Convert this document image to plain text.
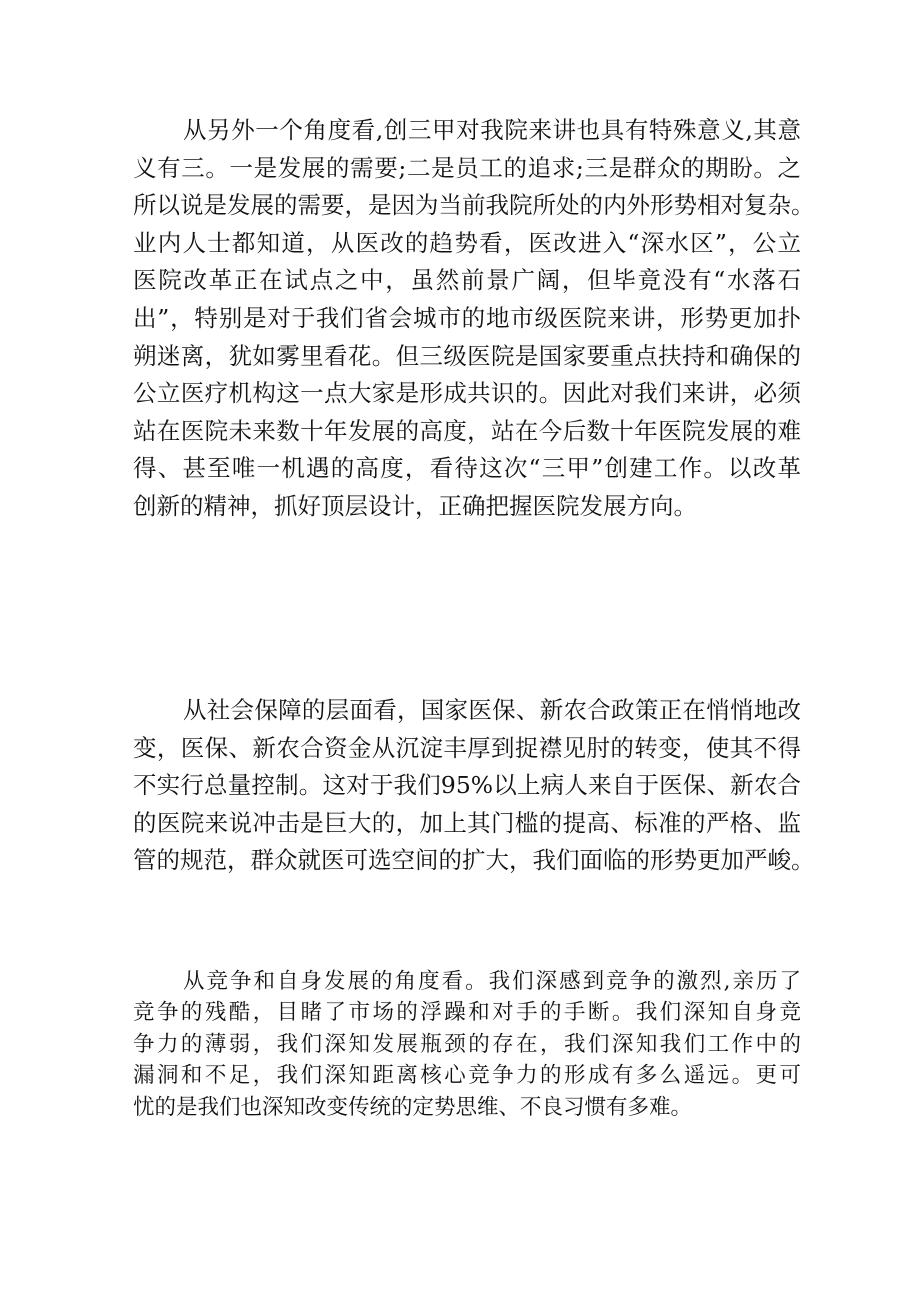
从另外一个角度看,创三甲对我院来讲也具有特殊意义,其意
义有三。一是发展的需要;二是员工的追求;三是群众的期盼。之
所以说是发展的需要，是因为当前我院所处的内外形势相对复杂。
业内人士都知道，从医改的趋势看，医改进入“深水区”，公立
医院改革正在试点之中，虽然前景广阔，但毕竟没有“水落石
出”，特别是对于我们省会城市的地市级医院来讲，形势更加扑
朔迷离，犹如雾里看花。但三级医院是国家要重点扶持和确保的
公立医疗机构这一点大家是形成共识的。因此对我们来讲，必须
站在医院未来数十年发展的高度，站在今后数十年医院发展的难
得、甚至唯一机遇的高度，看待这次“三甲”创建工作。以改革
创新的精神，抓好顶层设计，正确把握医院发展方向。
从社会保障的层面看，国家医保、新农合政策正在悄悄地改
变，医保、新农合资金从沉淀丰厚到捉襟见肘的转变，使其不得
不实行总量控制。这对于我们95%以上病人来自于医保、新农合
的医院来说冲击是巨大的，加上其门槛的提高、标准的严格、监
管的规范，群众就医可选空间的扩大，我们面临的形势更加严峻。
从竞争和自身发展的角度看。我们深感到竞争的激烈,亲历了
竞争的残酷，目睹了市场的浮躁和对手的手断。我们深知自身竞
争力的薄弱，我们深知发展瓶颈的存在，我们深知我们工作中的
漏洞和不足，我们深知距离核心竞争力的形成有多么遥远。更可
忧的是我们也深知改变传统的定势思维、不良习惯有多难。
